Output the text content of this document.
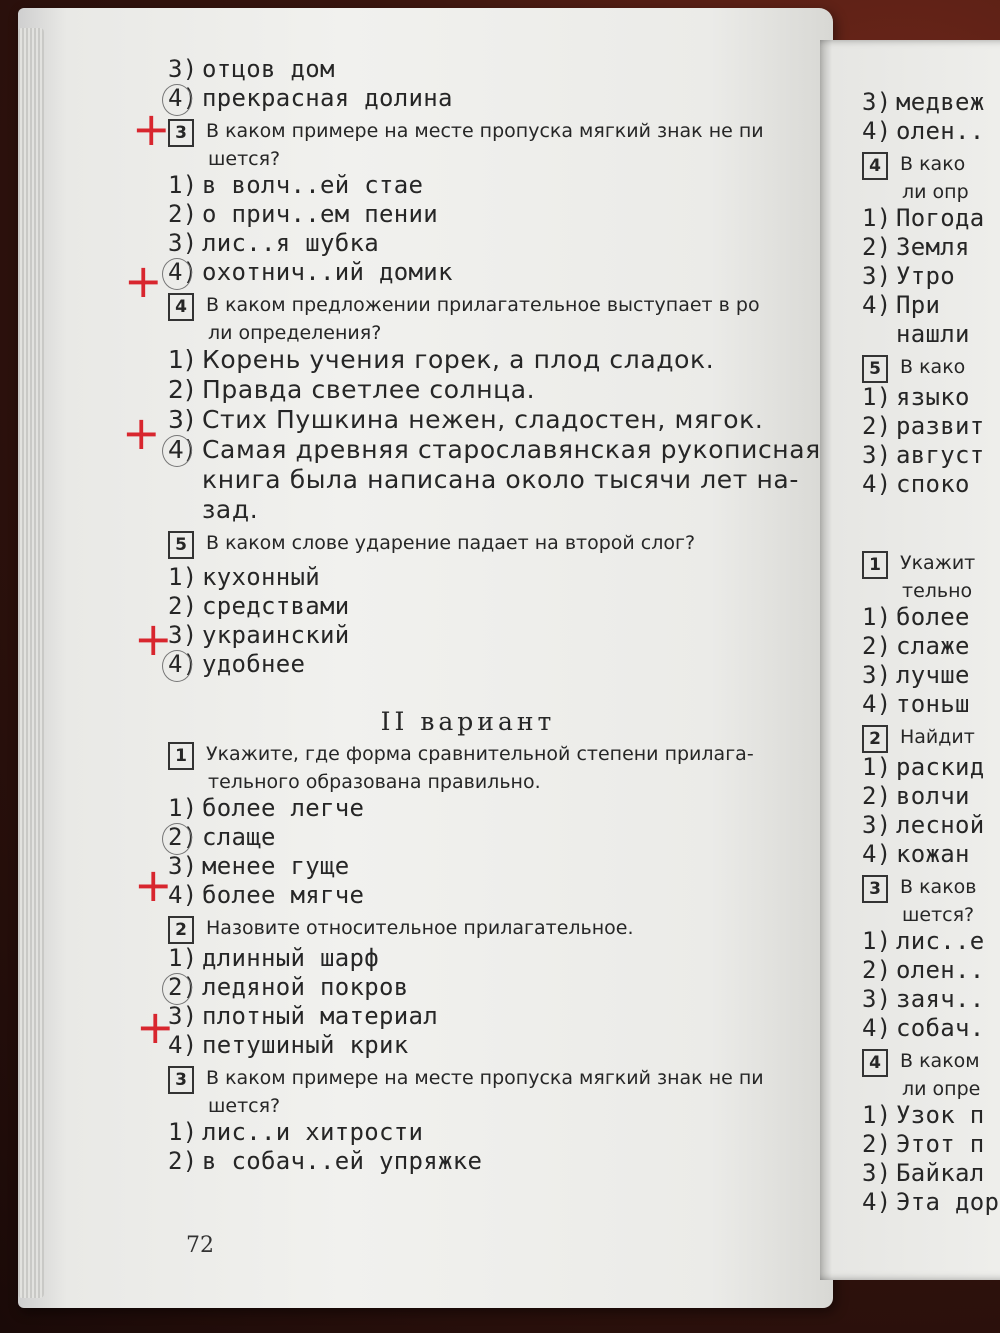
3) отцов дом
4) прекрасная долина
3 В каком примере на месте пропуска мягкий знак не пи
шется?
1) в волч..ей стае
2) о прич..ем пении
3) лис..я шубка
4) охотнич..ий домик
4 В каком предложении прилагательное выступает в ро
ли определения?
1) Корень учения горек, а плод сладок.
2) Правда светлее солнца.
3) Стих Пушкина нежен, сладостен, мягок.
4) Самая древняя старославянская рукописная
книга была написана около тысячи лет на-
зад.
5 В каком слове ударение падает на второй слог?
1) кухонный
2) средствами
3) украинский
4) удобнее
II вариант
1 Укажите, где форма сравнительной степени прилага-
тельного образована правильно.
1) более легче
2) слаще
3) менее гуще
4) более мягче
2 Назовите относительное прилагательное.
1) длинный шарф
2) ледяной покров
3) плотный материал
4) петушиный крик
3 В каком примере на месте пропуска мягкий знак не пи
шется?
1) лис..и хитрости
2) в собач..ей упряжке
72
+
+
+
+
+
+
3) медвеж
4) олен..
4 В како
ли опр
1) Погода
2) Земля
3) Утро
4) При
нашли
5 В како
1) языко
2) развит
3) август
4) споко
1 Укажит
тельно
1) более
2) слаже
3) лучше
4) тоньш
2 Найдит
1) раскид
2) волчи
3) лесной
4) кожан
3 В каков
шется?
1) лис..е
2) олен..
3) заяч..
4) собач.
4 В каком
ли опре
1) Узок п
2) Этот п
3) Байкал
4) Эта дор
